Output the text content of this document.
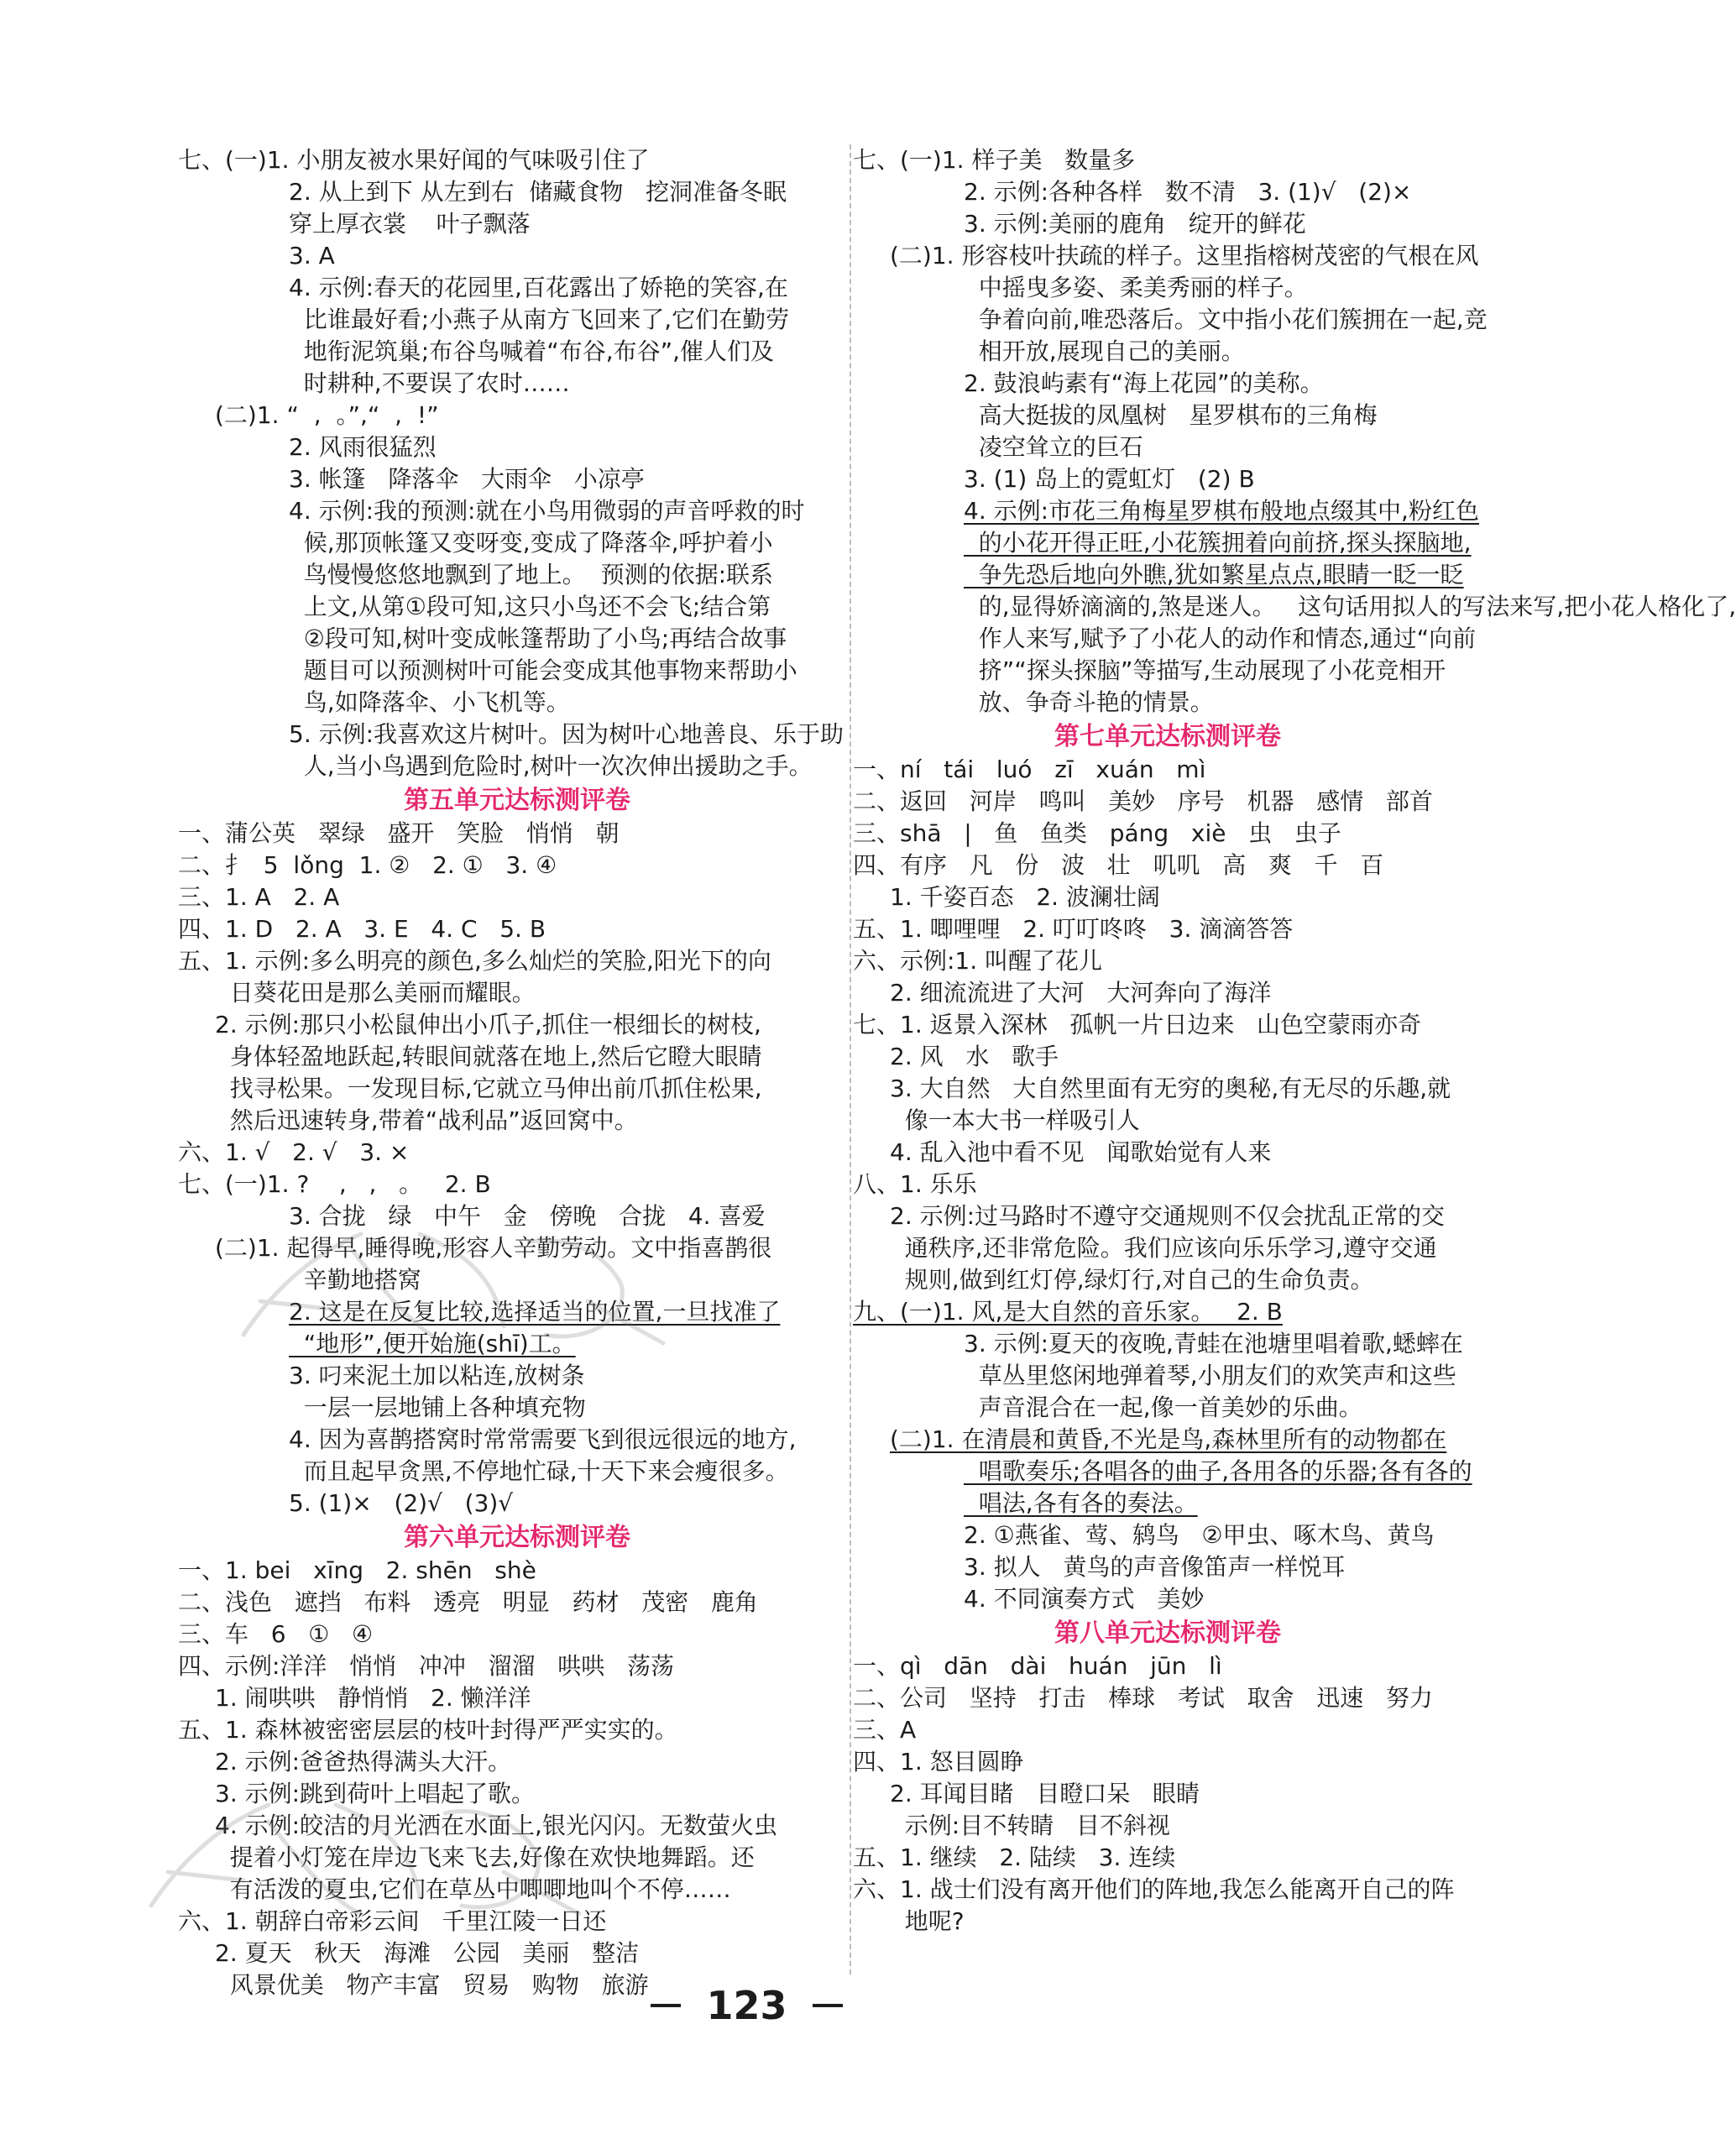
七、(一)1. 小朋友被水果好闻的气味吸引住了
2. 从上到下 从左到右  储藏食物   挖洞准备冬眠
穿上厚衣裳    叶子飘落
3. A
4. 示例:春天的花园里,百花露出了娇艳的笑容,在
比谁最好看;小燕子从南方飞回来了,它们在勤劳
地衔泥筑巢;布谷鸟喊着“布谷,布谷”,催人们及
时耕种,不要误了农时……
(二)1. “  ,  。”,“  ,  !”
2. 风雨很猛烈
3. 帐篷   降落伞   大雨伞   小凉亭
4. 示例:我的预测:就在小鸟用微弱的声音呼救的时
候,那顶帐篷又变呀变,变成了降落伞,呼护着小
鸟慢慢悠悠地飘到了地上。  预测的依据:联系
上文,从第①段可知,这只小鸟还不会飞;结合第
②段可知,树叶变成帐篷帮助了小鸟;再结合故事
题目可以预测树叶可能会变成其他事物来帮助小
鸟,如降落伞、小飞机等。
5. 示例:我喜欢这片树叶。因为树叶心地善良、乐于助
人,当小鸟遇到危险时,树叶一次次伸出援助之手。
第五单元达标测评卷
一、蒲公英   翠绿   盛开   笑脸   悄悄   朝
二、扌  5  lǒng  1. ②   2. ①   3. ④
三、1. A   2. A
四、1. D   2. A   3. E   4. C   5. B
五、1. 示例:多么明亮的颜色,多么灿烂的笑脸,阳光下的向
日葵花田是那么美丽而耀眼。
2. 示例:那只小松鼠伸出小爪子,抓住一根细长的树枝,
身体轻盈地跃起,转眼间就落在地上,然后它瞪大眼睛
找寻松果。一发现目标,它就立马伸出前爪抓住松果,
然后迅速转身,带着“战利品”返回窝中。
六、1. √   2. √   3. ×
七、(一)1. ?    ,   ,   。   2. B
3. 合拢   绿   中午   金   傍晚   合拢   4. 喜爱
(二)1. 起得早,睡得晚,形容人辛勤劳动。文中指喜鹊很
辛勤地搭窝
2. 这是在反复比较,选择适当的位置,一旦找准了
“地形”,便开始施(shī)工。
3. 叼来泥土加以粘连,放树条
一层一层地铺上各种填充物
4. 因为喜鹊搭窝时常常需要飞到很远很远的地方,
而且起早贪黑,不停地忙碌,十天下来会瘦很多。
5. (1)×   (2)√   (3)√
第六单元达标测评卷
一、1. bei   xīng   2. shēn   shè
二、浅色   遮挡   布料   透亮   明显   药材   茂密   鹿角
三、车   6   ①   ④
四、示例:洋洋   悄悄   冲冲   溜溜   哄哄   荡荡
1. 闹哄哄   静悄悄   2. 懒洋洋
五、1. 森林被密密层层的枝叶封得严严实实的。
2. 示例:爸爸热得满头大汗。
3. 示例:跳到荷叶上唱起了歌。
4. 示例:皎洁的月光洒在水面上,银光闪闪。无数萤火虫
提着小灯笼在岸边飞来飞去,好像在欢快地舞蹈。还
有活泼的夏虫,它们在草丛中唧唧地叫个不停……
六、1. 朝辞白帝彩云间   千里江陵一日还
2. 夏天   秋天   海滩   公园   美丽   整洁
风景优美   物产丰富   贸易   购物   旅游
七、(一)1. 样子美   数量多
2. 示例:各种各样   数不清   3. (1)√   (2)×
3. 示例:美丽的鹿角   绽开的鲜花
(二)1. 形容枝叶扶疏的样子。这里指榕树茂密的气根在风
中摇曳多姿、柔美秀丽的样子。
争着向前,唯恐落后。文中指小花们簇拥在一起,竞
相开放,展现自己的美丽。
2. 鼓浪屿素有“海上花园”的美称。
高大挺拔的凤凰树   星罗棋布的三角梅
凌空耸立的巨石
3. (1) 岛上的霓虹灯   (2) B
4. 示例:市花三角梅星罗棋布般地点缀其中,粉红色
的小花开得正旺,小花簇拥着向前挤,探头探脑地,
争先恐后地向外瞧,犹如繁星点点,眼睛一眨一眨
的,显得娇滴滴的,煞是迷人。   这句话用拟人的写法来写,把小花人格化了,
作人来写,赋予了小花人的动作和情态,通过“向前
挤”“探头探脑”等描写,生动展现了小花竞相开
放、争奇斗艳的情景。
第七单元达标测评卷
一、ní   tái   luó   zī   xuán   mì
二、返回   河岸   鸣叫   美妙   序号   机器   感情   部首
三、shā   |   鱼   鱼类   páng   xiè   虫   虫子
四、有序   凡   份   波   壮   叽叽   高   爽   千   百
1. 千姿百态   2. 波澜壮阔
五、1. 唧哩哩   2. 叮叮咚咚   3. 滴滴答答
六、示例:1. 叫醒了花儿
2. 细流流进了大河   大河奔向了海洋
七、1. 返景入深林   孤帆一片日边来   山色空蒙雨亦奇
2. 风   水   歌手
3. 大自然   大自然里面有无穷的奥秘,有无尽的乐趣,就
像一本大书一样吸引人
4. 乱入池中看不见   闻歌始觉有人来
八、1. 乐乐
2. 示例:过马路时不遵守交通规则不仅会扰乱正常的交
通秩序,还非常危险。我们应该向乐乐学习,遵守交通
规则,做到红灯停,绿灯行,对自己的生命负责。
九、(一)1. 风,是大自然的音乐家。   2. B
3. 示例:夏天的夜晚,青蛙在池塘里唱着歌,蟋蟀在
草丛里悠闲地弹着琴,小朋友们的欢笑声和这些
声音混合在一起,像一首美妙的乐曲。
(二)1. 在清晨和黄昏,不光是鸟,森林里所有的动物都在
唱歌奏乐;各唱各的曲子,各用各的乐器;各有各的
唱法,各有各的奏法。
2. ①燕雀、莺、鸫鸟   ②甲虫、啄木鸟、黄鸟
3. 拟人   黄鸟的声音像笛声一样悦耳
4. 不同演奏方式   美妙
第八单元达标测评卷
一、qì   dān   dài   huán   jūn   lì
二、公司   坚持   打击   棒球   考试   取舍   迅速   努力
三、A
四、1. 怒目圆睁
2. 耳闻目睹   目瞪口呆   眼睛
示例:目不转睛   目不斜视
五、1. 继续   2. 陆续   3. 连续
六、1. 战士们没有离开他们的阵地,我怎么能离开自己的阵
地呢?
123
